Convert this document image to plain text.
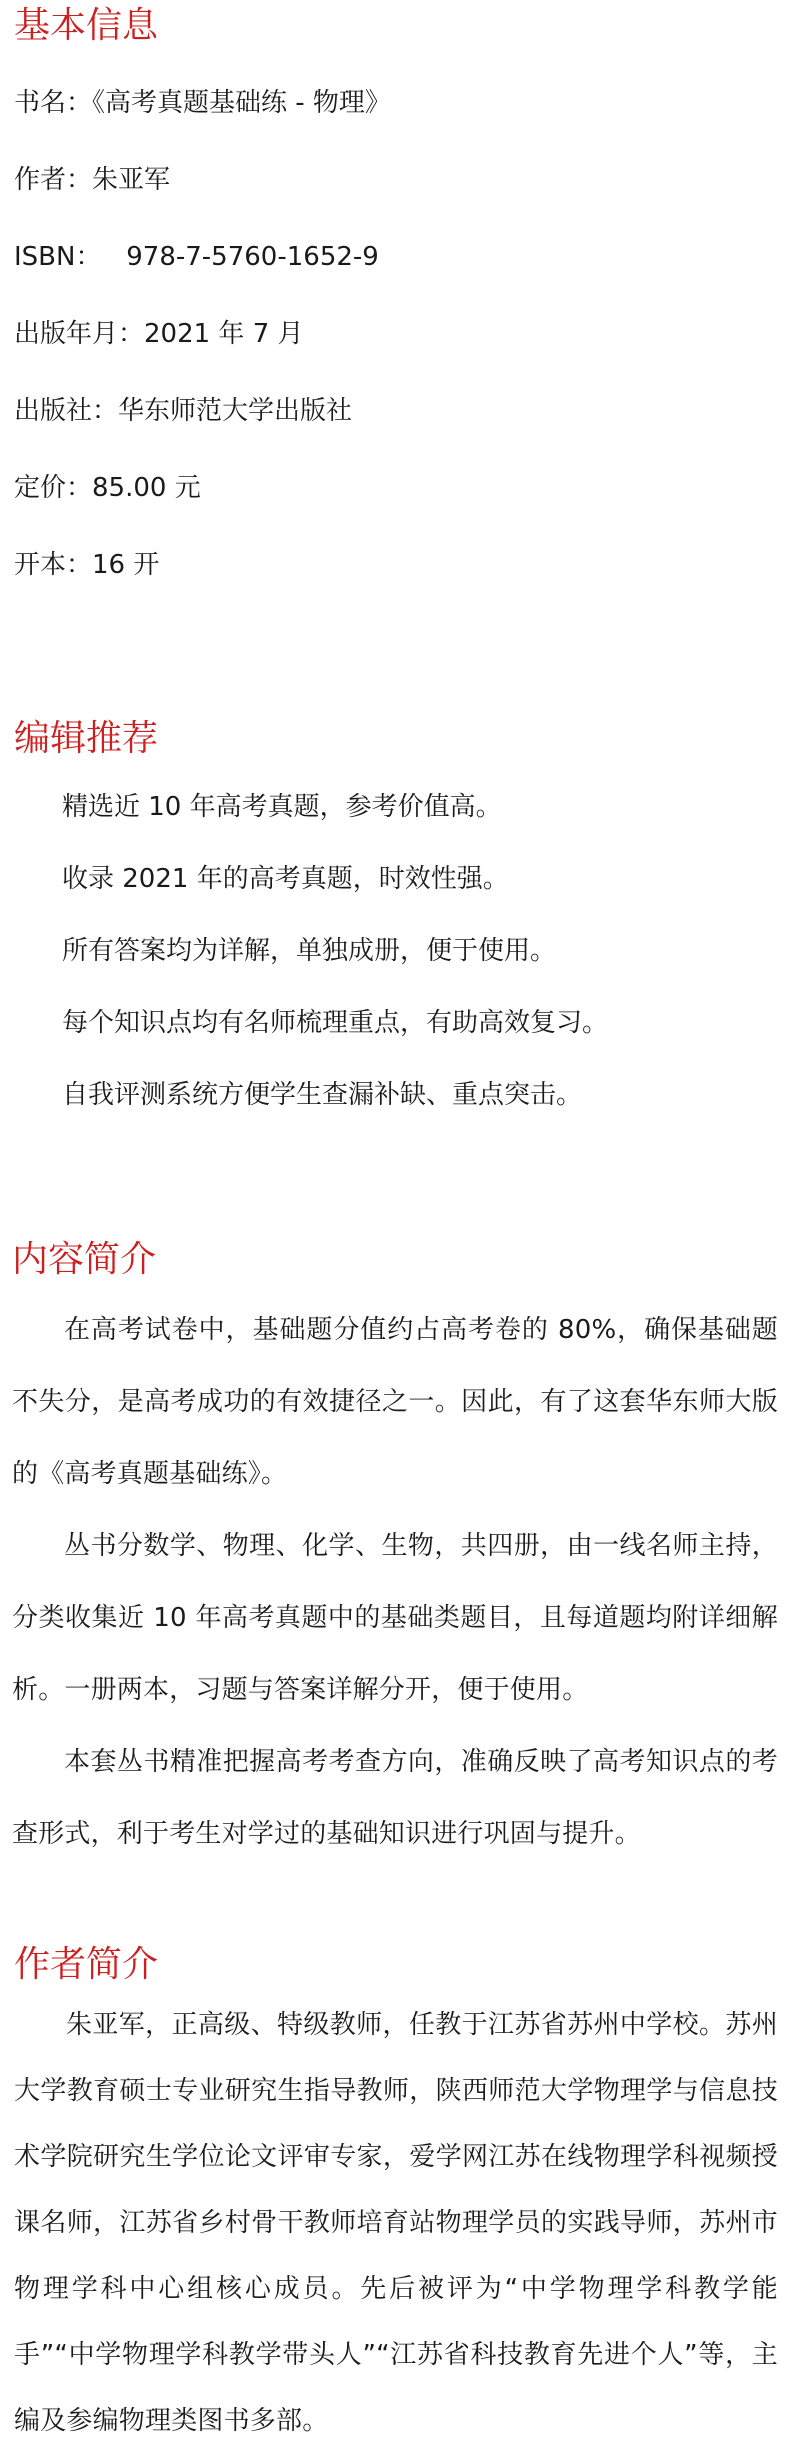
基本信息

书名：《高考真题基础练 - 物理》

作者：朱亚军

ISBN：   978-7-5760-1652-9

出版年月：2021 年 7 月

出版社：华东师范大学出版社

定价：85.00 元

开本：16 开

编辑推荐

精选近 10 年高考真题，参考价值高。

收录 2021 年的高考真题，时效性强。

所有答案均为详解，单独成册，便于使用。

每个知识点均有名师梳理重点，有助高效复习。

自我评测系统方便学生查漏补缺、重点突击。

内容简介

在高考试卷中，基础题分值约占高考卷的 80%，确保基础题不失分，是高考成功的有效捷径之一。因此，有了这套华东师大版的《高考真题基础练》。

丛书分数学、物理、化学、生物，共四册，由一线名师主持，分类收集近 10 年高考真题中的基础类题目，且每道题均附详细解析。一册两本，习题与答案详解分开，便于使用。

本套丛书精准把握高考考查方向，准确反映了高考知识点的考查形式，利于考生对学过的基础知识进行巩固与提升。

作者简介

朱亚军，正高级、特级教师，任教于江苏省苏州中学校。苏州大学教育硕士专业研究生指导教师，陕西师范大学物理学与信息技术学院研究生学位论文评审专家，爱学网江苏在线物理学科视频授课名师，江苏省乡村骨干教师培育站物理学员的实践导师，苏州市物理学科中心组核心成员。先后被评为“中学物理学科教学能手”“中学物理学科教学带头人”“江苏省科技教育先进个人”等，主编及参编物理类图书多部。
